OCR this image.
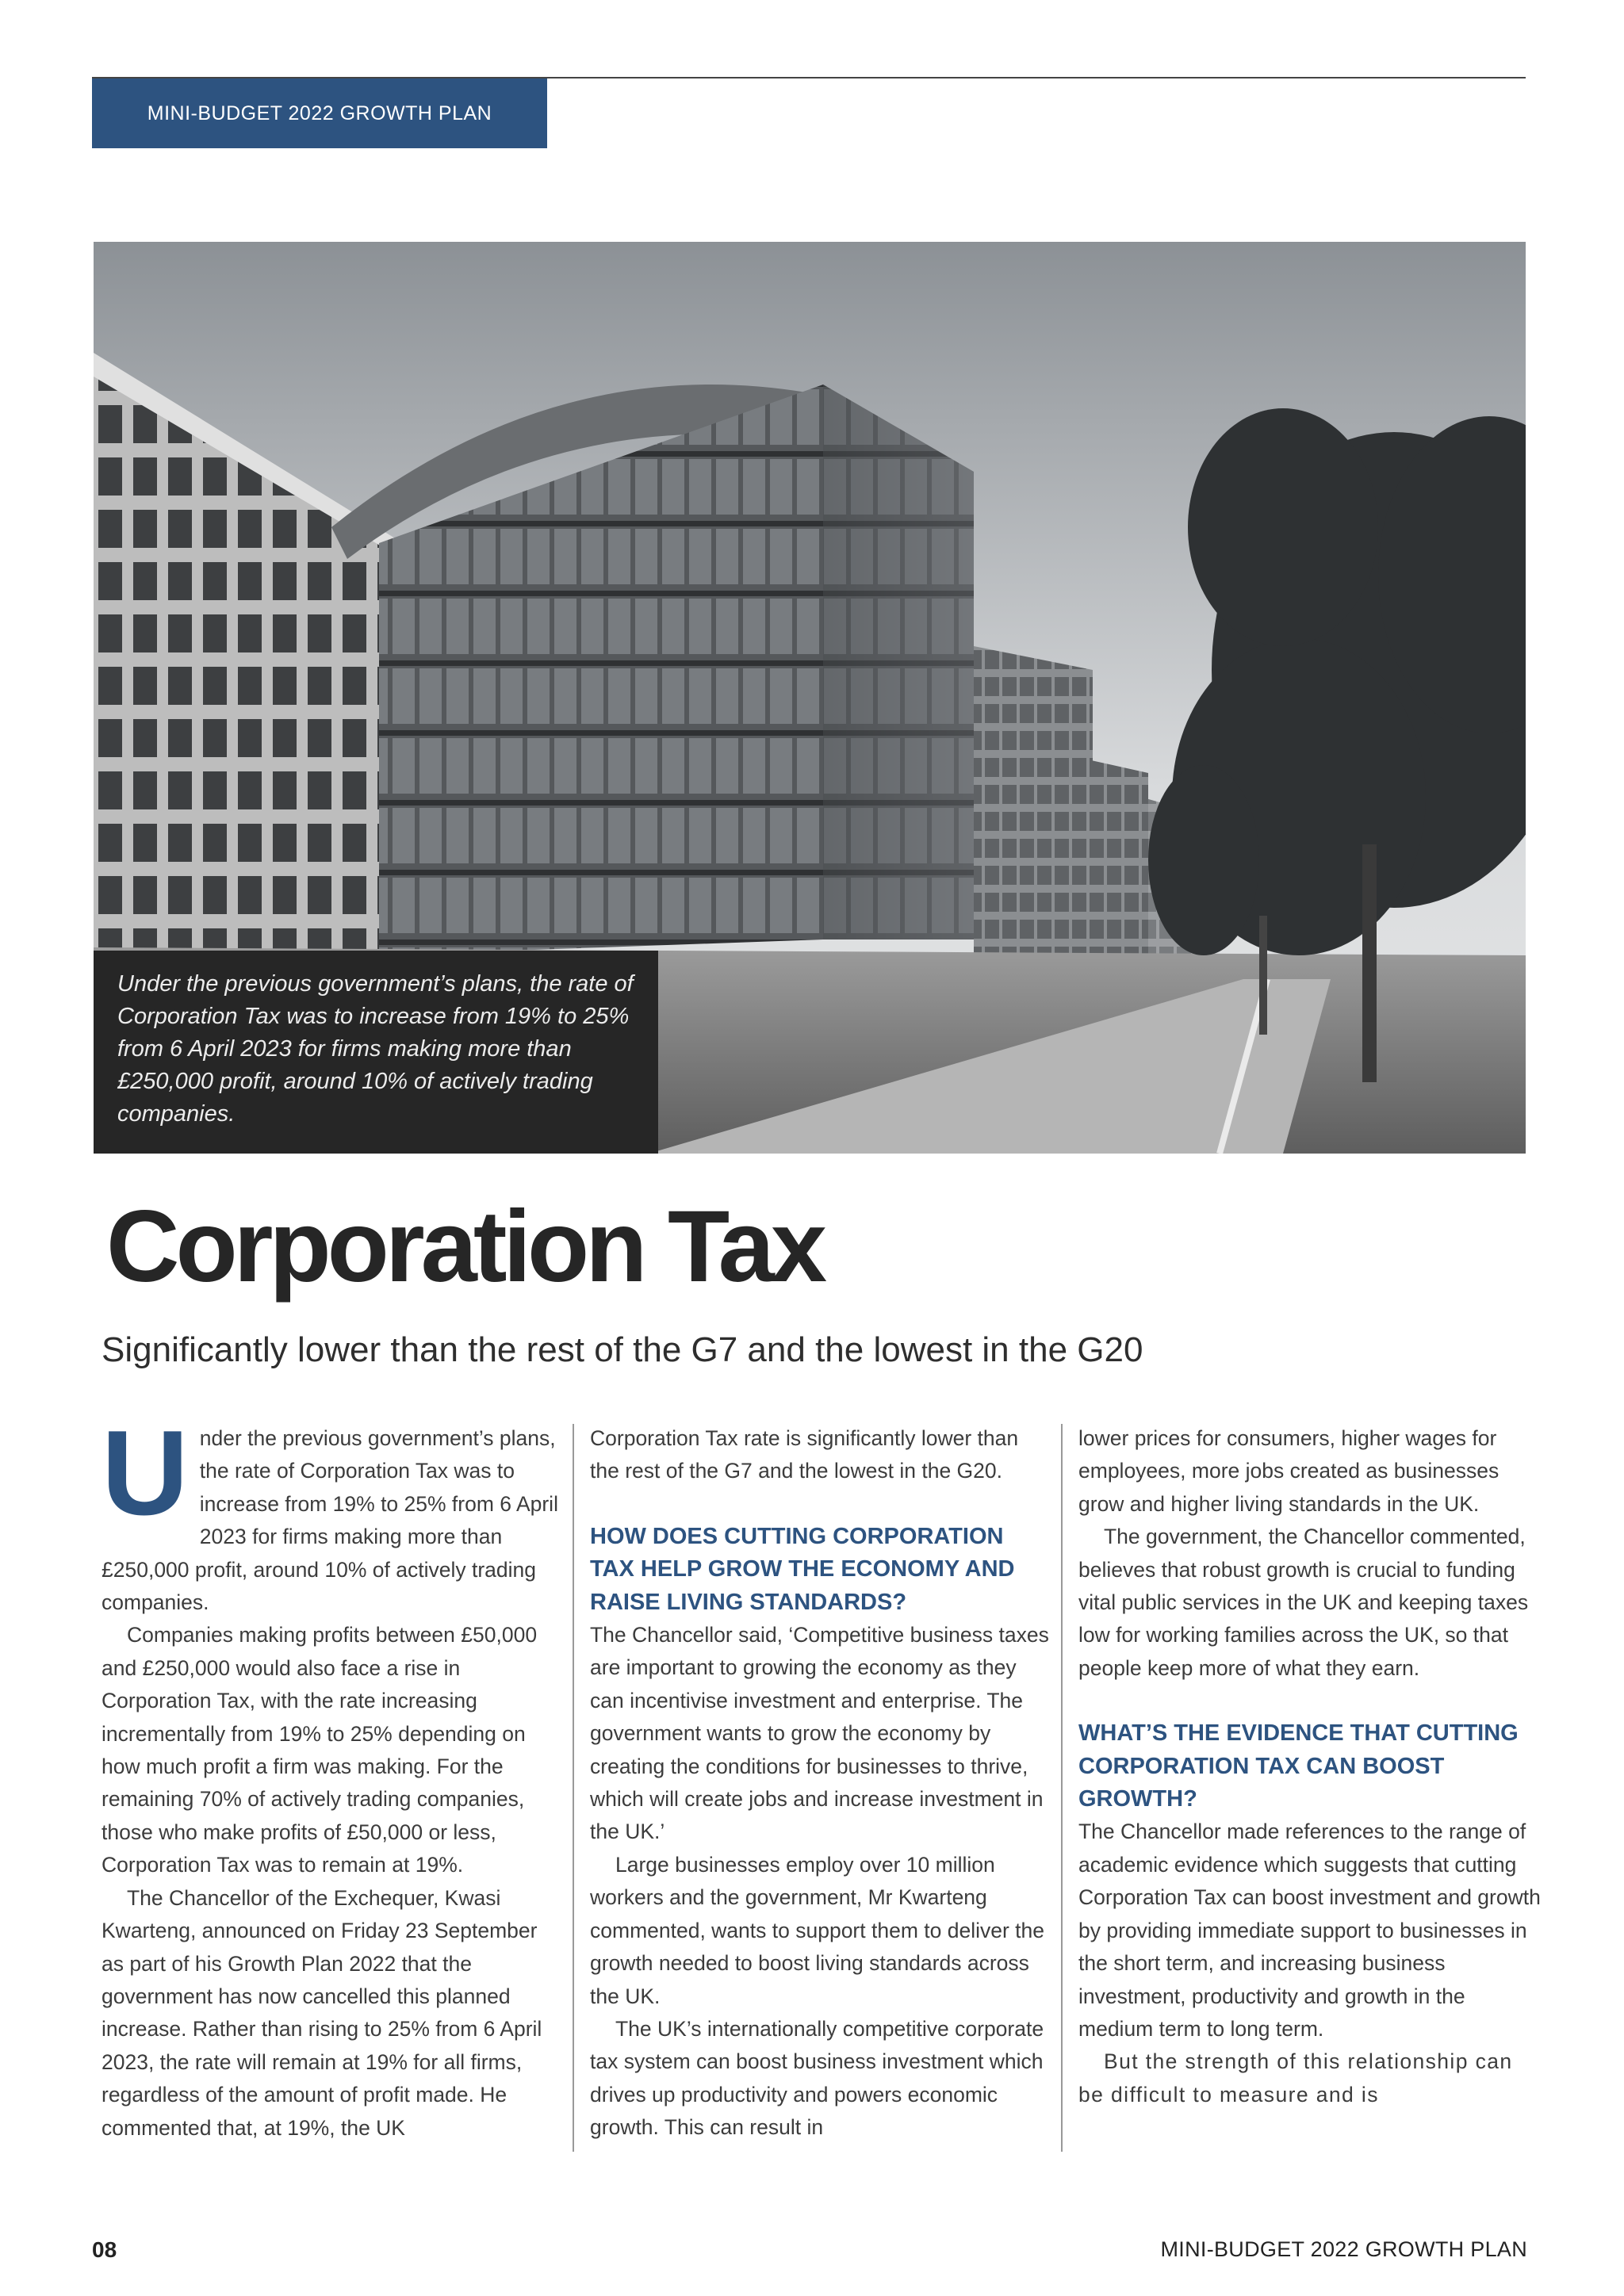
MINI-BUDGET 2022 GROWTH PLAN
Under the previous government’s plans, the rate of Corporation Tax was to increase from 19% to 25% from 6 April 2023 for firms making more than £250,000 profit, around 10% of actively trading companies.
Corporation Tax
Significantly lower than the rest of the G7 and the lowest in the G20
U nder the previous government’s plans, the rate of Corporation Tax was to increase from 19% to 25% from 6 April 2023 for firms making more than £250,000 profit, around 10% of actively trading companies.

Companies making profits between £50,000 and £250,000 would also face a rise in Corporation Tax, with the rate increasing incrementally from 19% to 25% depending on how much profit a firm was making. For the remaining 70% of actively trading companies, those who make profits of £50,000 or less, Corporation Tax was to remain at 19%.

The Chancellor of the Exchequer, Kwasi Kwarteng, announced on Friday 23 September as part of his Growth Plan 2022 that the government has now cancelled this planned increase. Rather than rising to 25% from 6 April 2023, the rate will remain at 19% for all firms, regardless of the amount of profit made. He commented that, at 19%, the UK

Corporation Tax rate is significantly lower than the rest of the G7 and the lowest in the G20.

HOW DOES CUTTING CORPORATION TAX HELP GROW THE ECONOMY AND RAISE LIVING STANDARDS?

The Chancellor said, ‘Competitive business taxes are important to growing the economy as they can incentivise investment and enterprise. The government wants to grow the economy by creating the conditions for businesses to thrive, which will create jobs and increase investment in the UK.’

Large businesses employ over 10 million workers and the government, Mr Kwarteng commented, wants to support them to deliver the growth needed to boost living standards across the UK.

The UK’s internationally competitive corporate tax system can boost business investment which drives up productivity and powers economic growth. This can result in

lower prices for consumers, higher wages for employees, more jobs created as businesses grow and higher living standards in the UK.

The government, the Chancellor commented, believes that robust growth is crucial to funding vital public services in the UK and keeping taxes low for working families across the UK, so that people keep more of what they earn.

WHAT’S THE EVIDENCE THAT CUTTING CORPORATION TAX CAN BOOST GROWTH?

The Chancellor made references to the range of academic evidence which suggests that cutting Corporation Tax can boost investment and growth by providing immediate support to businesses in the short term, and increasing business investment, productivity and growth in the medium term to long term.

But the strength of this relationship can be difficult to measure and is

08	MINI-BUDGET 2022 GROWTH PLAN
